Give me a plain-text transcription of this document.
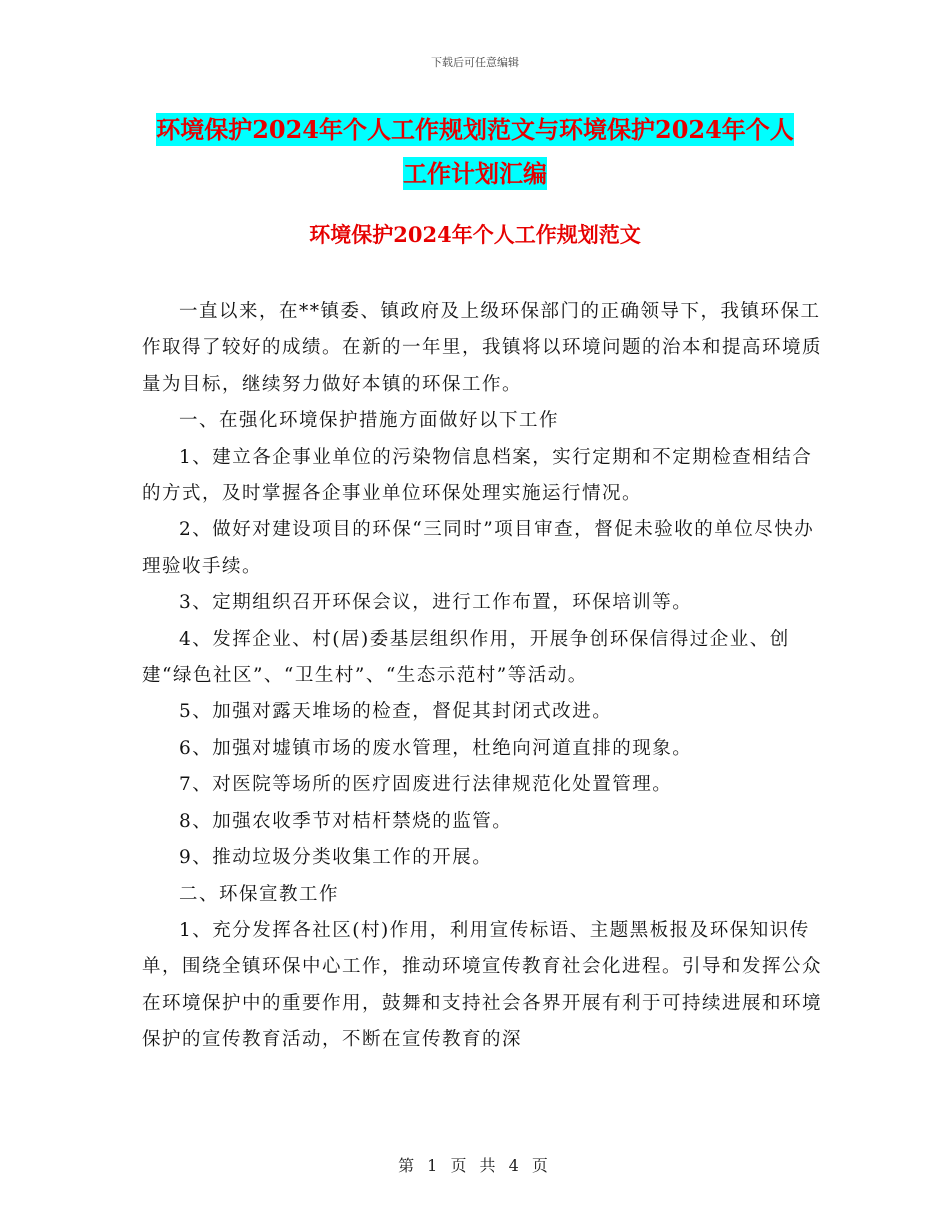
下载后可任意编辑
环境保护2024年个人工作规划范文与环境保护2024年个人工作计划汇编
环境保护2024年个人工作规划范文

一直以来，在**镇委、镇政府及上级环保部门的正确领导下，我镇环保工作取得了较好的成绩。在新的一年里，我镇将以环境问题的治本和提高环境质量为目标，继续努力做好本镇的环保工作。

一、在强化环境保护措施方面做好以下工作

1、建立各企事业单位的污染物信息档案，实行定期和不定期检查相结合的方式，及时掌握各企事业单位环保处理实施运行情况。

2、做好对建设项目的环保“三同时”项目审查，督促未验收的单位尽快办理验收手续。

3、定期组织召开环保会议，进行工作布置，环保培训等。

4、发挥企业、村(居)委基层组织作用，开展争创环保信得过企业、创建“绿色社区”、“卫生村”、“生态示范村”等活动。

5、加强对露天堆场的检查，督促其封闭式改进。

6、加强对墟镇市场的废水管理，杜绝向河道直排的现象。

7、对医院等场所的医疗固废进行法律规范化处置管理。

8、加强农收季节对桔杆禁烧的监管。

9、推动垃圾分类收集工作的开展。

二、环保宣教工作

1、充分发挥各社区(村)作用，利用宣传标语、主题黑板报及环保知识传单，围绕全镇环保中心工作，推动环境宣传教育社会化进程。引导和发挥公众在环境保护中的重要作用，鼓舞和支持社会各界开展有利于可持续进展和环境保护的宣传教育活动，不断在宣传教育的深

第 1 页 共 4 页
